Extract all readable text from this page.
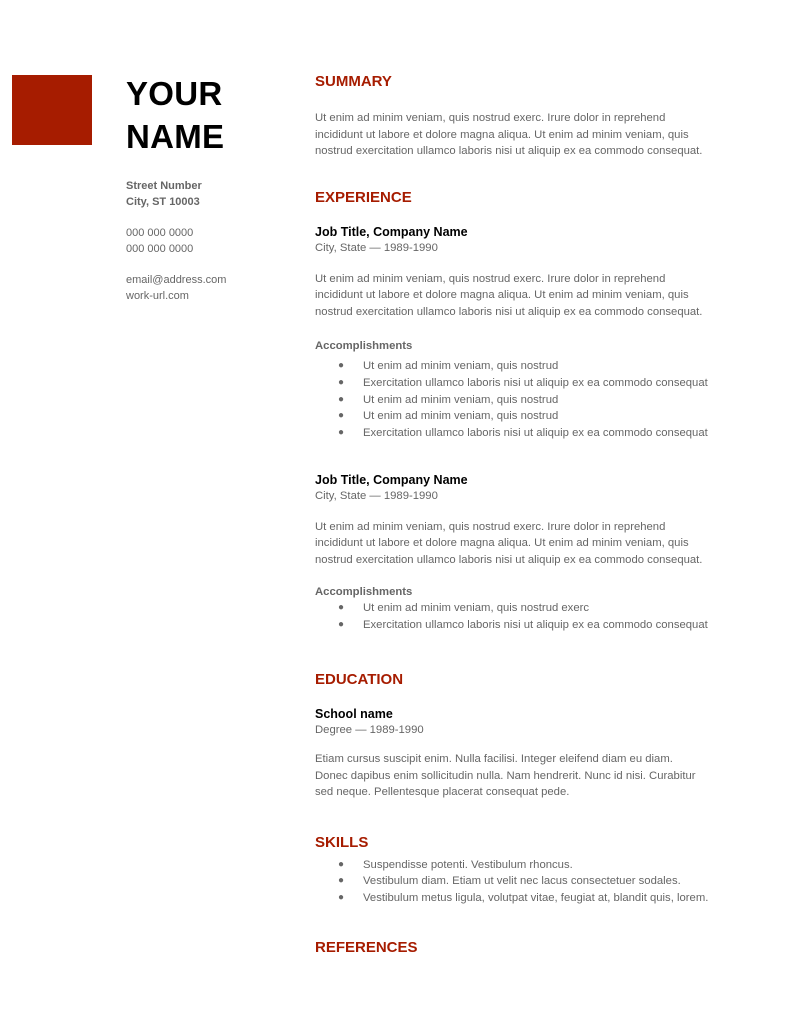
YOUR
NAME
Street Number
City, ST 10003
000 000 0000
000 000 0000
email@address.com
work-url.com
SUMMARY
Ut enim ad minim veniam, quis nostrud exerc. Irure dolor in reprehend
incididunt ut labore et dolore magna aliqua. Ut enim ad minim veniam, quis
nostrud exercitation ullamco laboris nisi ut aliquip ex ea commodo consequat.
EXPERIENCE
Job Title, Company Name
City, State — 1989-1990
Ut enim ad minim veniam, quis nostrud exerc. Irure dolor in reprehend
incididunt ut labore et dolore magna aliqua. Ut enim ad minim veniam, quis
nostrud exercitation ullamco laboris nisi ut aliquip ex ea commodo consequat.
Accomplishments
● Ut enim ad minim veniam, quis nostrud
● Exercitation ullamco laboris nisi ut aliquip ex ea commodo consequat
● Ut enim ad minim veniam, quis nostrud
● Ut enim ad minim veniam, quis nostrud
● Exercitation ullamco laboris nisi ut aliquip ex ea commodo consequat
Job Title, Company Name
City, State — 1989-1990
Ut enim ad minim veniam, quis nostrud exerc. Irure dolor in reprehend
incididunt ut labore et dolore magna aliqua. Ut enim ad minim veniam, quis
nostrud exercitation ullamco laboris nisi ut aliquip ex ea commodo consequat.
Accomplishments
● Ut enim ad minim veniam, quis nostrud exerc
● Exercitation ullamco laboris nisi ut aliquip ex ea commodo consequat
EDUCATION
School name
Degree — 1989-1990
Etiam cursus suscipit enim. Nulla facilisi. Integer eleifend diam eu diam.
Donec dapibus enim sollicitudin nulla. Nam hendrerit. Nunc id nisi. Curabitur
sed neque. Pellentesque placerat consequat pede.
SKILLS
● Suspendisse potenti. Vestibulum rhoncus.
● Vestibulum diam. Etiam ut velit nec lacus consectetuer sodales.
● Vestibulum metus ligula, volutpat vitae, feugiat at, blandit quis, lorem.
REFERENCES
